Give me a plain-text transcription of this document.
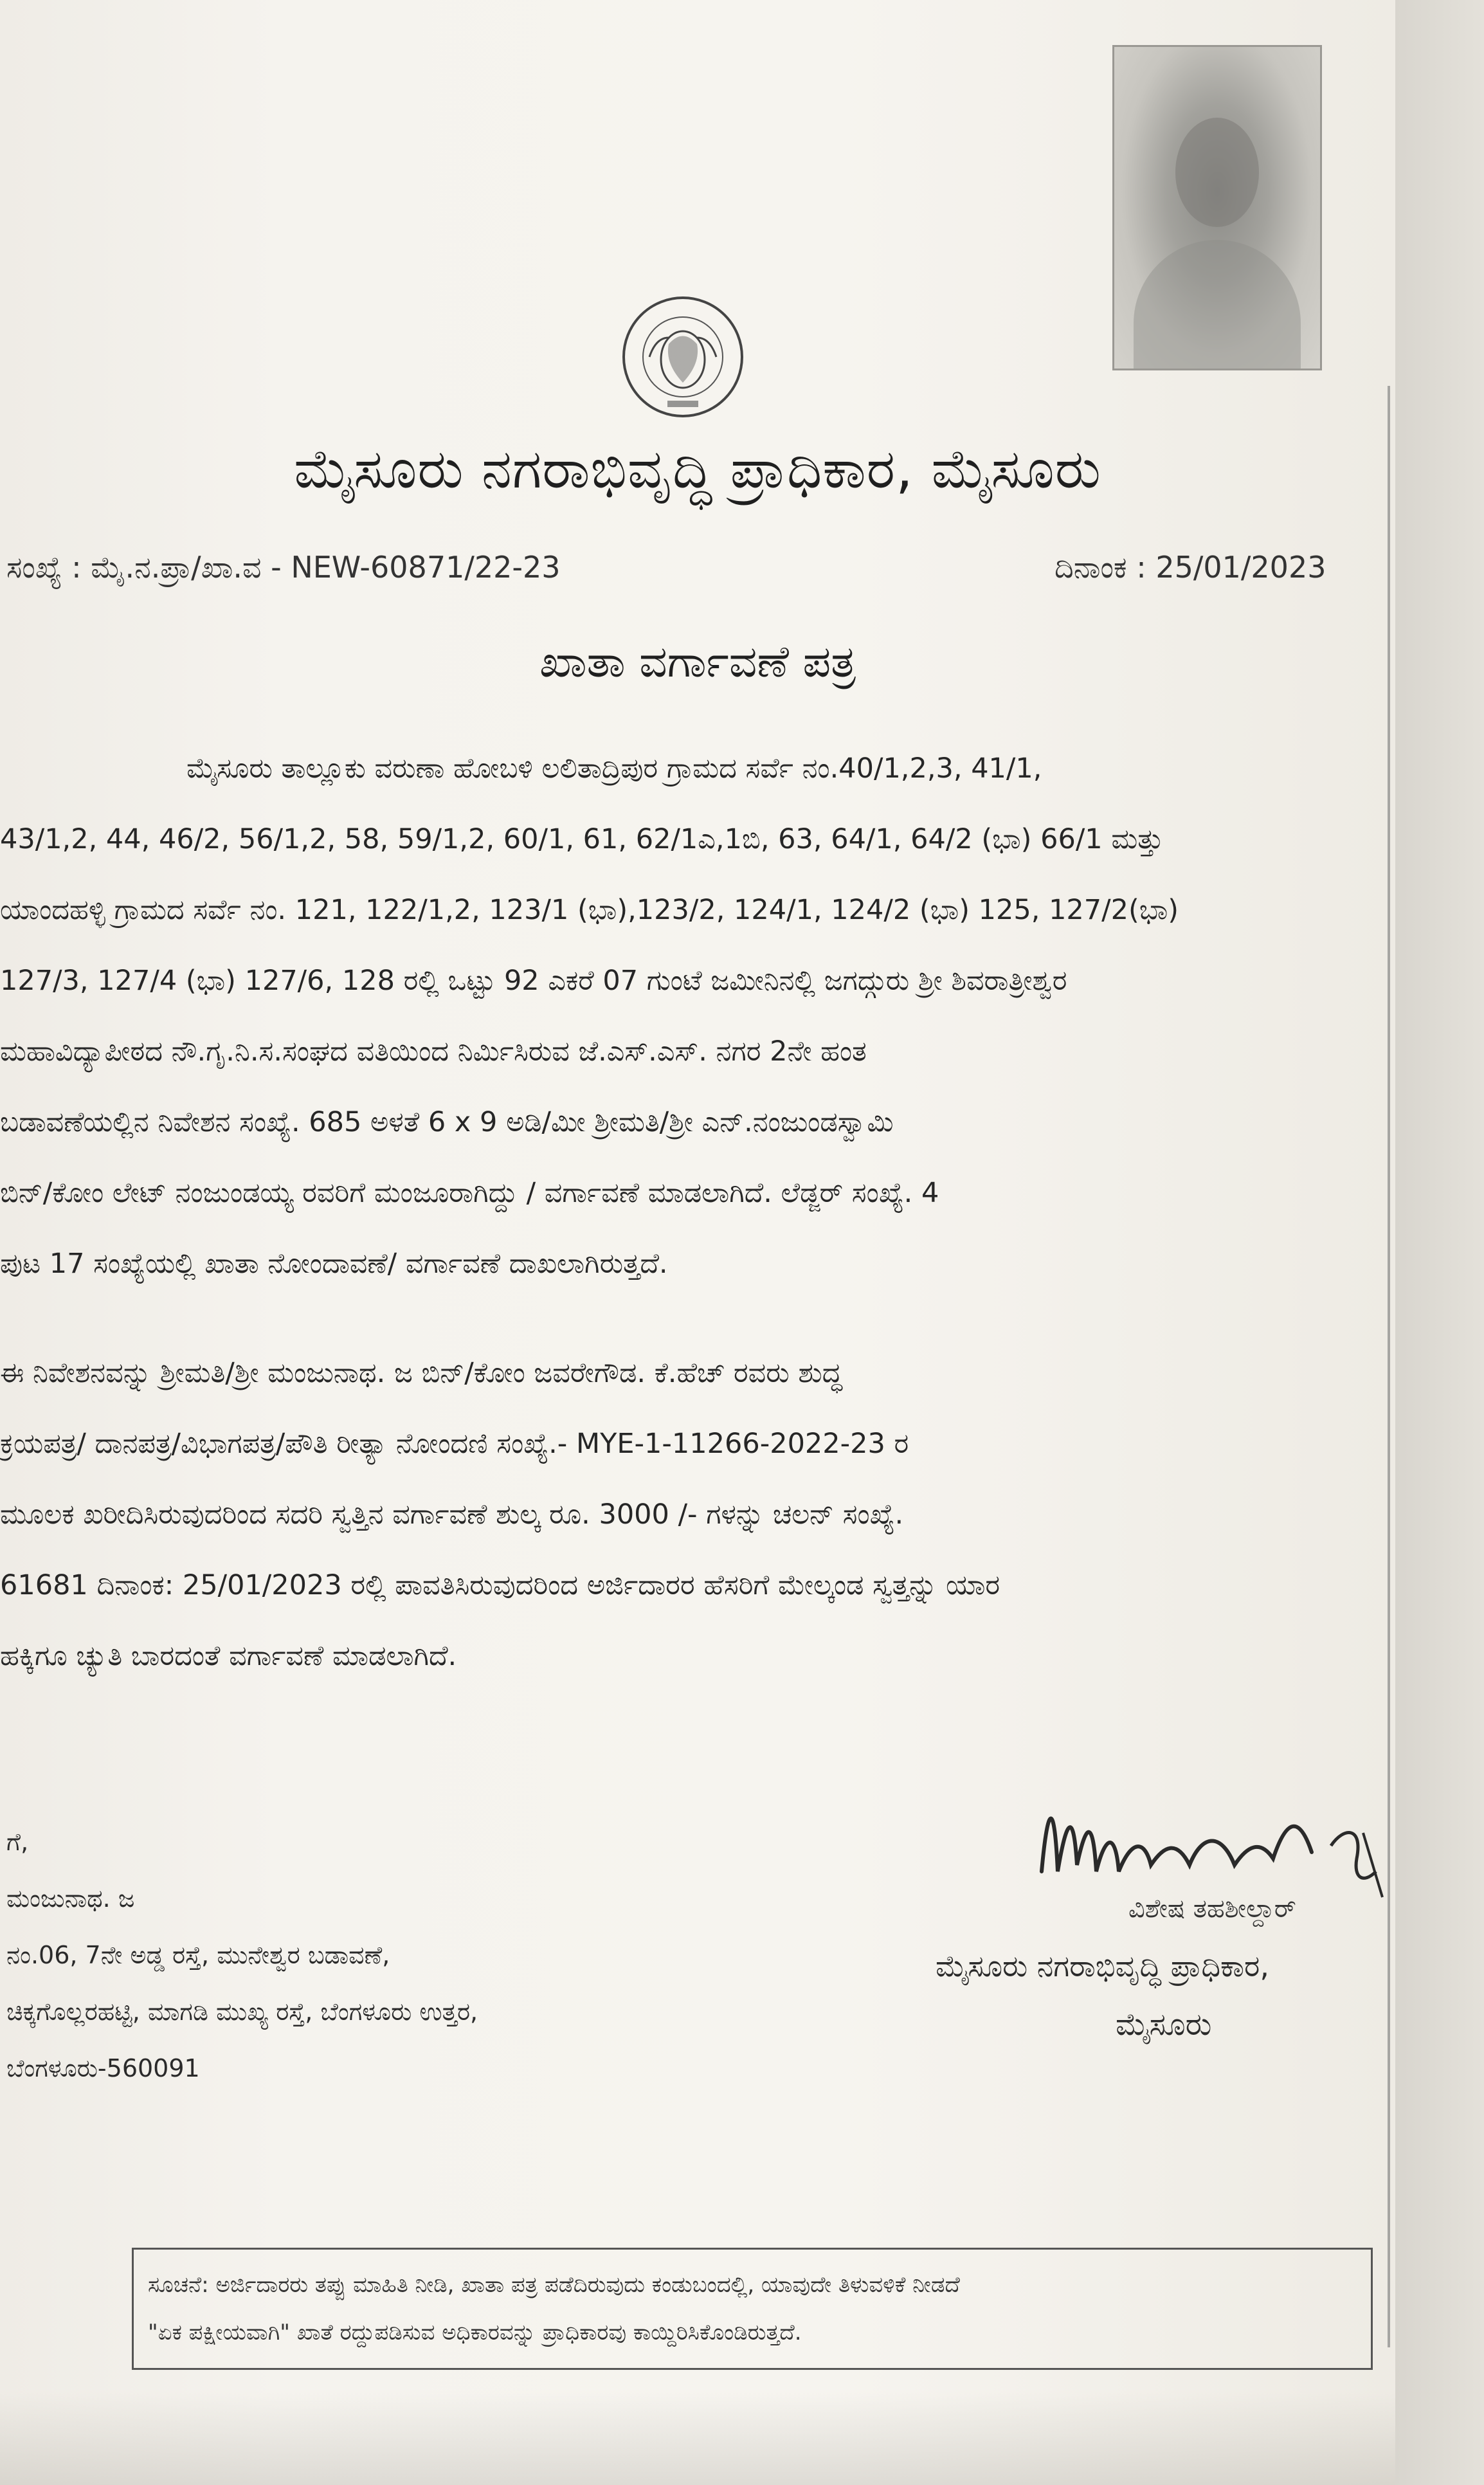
ಮೈಸೂರು ನಗರಾಭಿವೃದ್ಧಿ ಪ್ರಾಧಿಕಾರ, ಮೈಸೂರು
ಸಂಖ್ಯೆ : ಮೈ.ನ.ಪ್ರಾ/ಖಾ.ವ - NEW-60871/22-23	ದಿನಾಂಕ : 25/01/2023
ಖಾತಾ ವರ್ಗಾವಣೆ ಪತ್ರ
ಮೈಸೂರು ತಾಲ್ಲೂಕು ವರುಣಾ ಹೋಬಳಿ ಲಲಿತಾದ್ರಿಪುರ ಗ್ರಾಮದ ಸರ್ವೆ ನಂ.40/1,2,3, 41/1,
43/1,2, 44, 46/2, 56/1,2, 58, 59/1,2, 60/1, 61, 62/1ಎ,1ಬಿ, 63, 64/1, 64/2 (ಭಾ) 66/1 ಮತ್ತು
ಯಾಂದಹಳ್ಳಿ ಗ್ರಾಮದ ಸರ್ವೆ ನಂ. 121, 122/1,2, 123/1 (ಭಾ),123/2, 124/1, 124/2 (ಭಾ) 125, 127/2(ಭಾ)
127/3, 127/4 (ಭಾ) 127/6, 128 ರಲ್ಲಿ ಒಟ್ಟು 92 ಎಕರೆ 07 ಗುಂಟೆ ಜಮೀನಿನಲ್ಲಿ ಜಗದ್ಗುರು ಶ್ರೀ ಶಿವರಾತ್ರೀಶ್ವರ
ಮಹಾವಿದ್ಯಾಪೀಠದ ನೌ.ಗೃ.ನಿ.ಸ.ಸಂಘದ ವತಿಯಿಂದ ನಿರ್ಮಿಸಿರುವ ಜೆ.ಎಸ್.ಎಸ್. ನಗರ 2ನೇ ಹಂತ
ಬಡಾವಣೆಯಲ್ಲಿನ ನಿವೇಶನ ಸಂಖ್ಯೆ. 685 ಅಳತೆ 6 x 9 ಅಡಿ/ಮೀ ಶ್ರೀಮತಿ/ಶ್ರೀ ಎನ್.ನಂಜುಂಡಸ್ವಾಮಿ
ಬಿನ್/ಕೋಂ ಲೇಟ್ ನಂಜುಂಡಯ್ಯ ರವರಿಗೆ ಮಂಜೂರಾಗಿದ್ದು / ವರ್ಗಾವಣೆ ಮಾಡಲಾಗಿದೆ. ಲೆಡ್ಜರ್ ಸಂಖ್ಯೆ. 4
ಪುಟ 17 ಸಂಖ್ಯೆಯಲ್ಲಿ ಖಾತಾ ನೋಂದಾವಣೆ/ ವರ್ಗಾವಣೆ ದಾಖಲಾಗಿರುತ್ತದೆ.
ಈ ನಿವೇಶನವನ್ನು ಶ್ರೀಮತಿ/ಶ್ರೀ ಮಂಜುನಾಥ. ಜ ಬಿನ್/ಕೋಂ ಜವರೇಗೌಡ. ಕೆ.ಹೆಚ್ ರವರು ಶುದ್ಧ
ಕ್ರಯಪತ್ರ/ ದಾನಪತ್ರ/ವಿಭಾಗಪತ್ರ/ಪೌತಿ ರೀತ್ಯಾ ನೋಂದಣಿ ಸಂಖ್ಯೆ.- MYE-1-11266-2022-23 ರ
ಮೂಲಕ ಖರೀದಿಸಿರುವುದರಿಂದ ಸದರಿ ಸ್ವತ್ತಿನ ವರ್ಗಾವಣೆ ಶುಲ್ಕ ರೂ. 3000 /- ಗಳನ್ನು ಚಲನ್ ಸಂಖ್ಯೆ.
61681 ದಿನಾಂಕ: 25/01/2023 ರಲ್ಲಿ ಪಾವತಿಸಿರುವುದರಿಂದ ಅರ್ಜಿದಾರರ ಹೆಸರಿಗೆ ಮೇಲ್ಕಂಡ ಸ್ವತ್ತನ್ನು ಯಾರ
ಹಕ್ಕಿಗೂ ಚ್ಯುತಿ ಬಾರದಂತೆ ವರ್ಗಾವಣೆ ಮಾಡಲಾಗಿದೆ.
ಗೆ,
ಮಂಜುನಾಥ. ಜ
ನಂ.06, 7ನೇ ಅಡ್ಡ ರಸ್ತೆ, ಮುನೇಶ್ವರ ಬಡಾವಣೆ,
ಚಿಕ್ಕಗೊಲ್ಲರಹಟ್ಟಿ, ಮಾಗಡಿ ಮುಖ್ಯ ರಸ್ತೆ, ಬೆಂಗಳೂರು ಉತ್ತರ,
ಬೆಂಗಳೂರು-560091
ವಿಶೇಷ ತಹಶೀಲ್ದಾರ್
ಮೈಸೂರು ನಗರಾಭಿವೃದ್ಧಿ ಪ್ರಾಧಿಕಾರ,
ಮೈಸೂರು
ಸೂಚನೆ: ಅರ್ಜಿದಾರರು ತಪ್ಪು ಮಾಹಿತಿ ನೀಡಿ, ಖಾತಾ ಪತ್ರ ಪಡೆದಿರುವುದು ಕಂಡುಬಂದಲ್ಲಿ, ಯಾವುದೇ ತಿಳುವಳಿಕೆ ನೀಡದೆ
"ಏಕ ಪಕ್ಷೀಯವಾಗಿ" ಖಾತೆ ರದ್ದುಪಡಿಸುವ ಅಧಿಕಾರವನ್ನು ಪ್ರಾಧಿಕಾರವು ಕಾಯ್ದಿರಿಸಿಕೊಂಡಿರುತ್ತದೆ.
